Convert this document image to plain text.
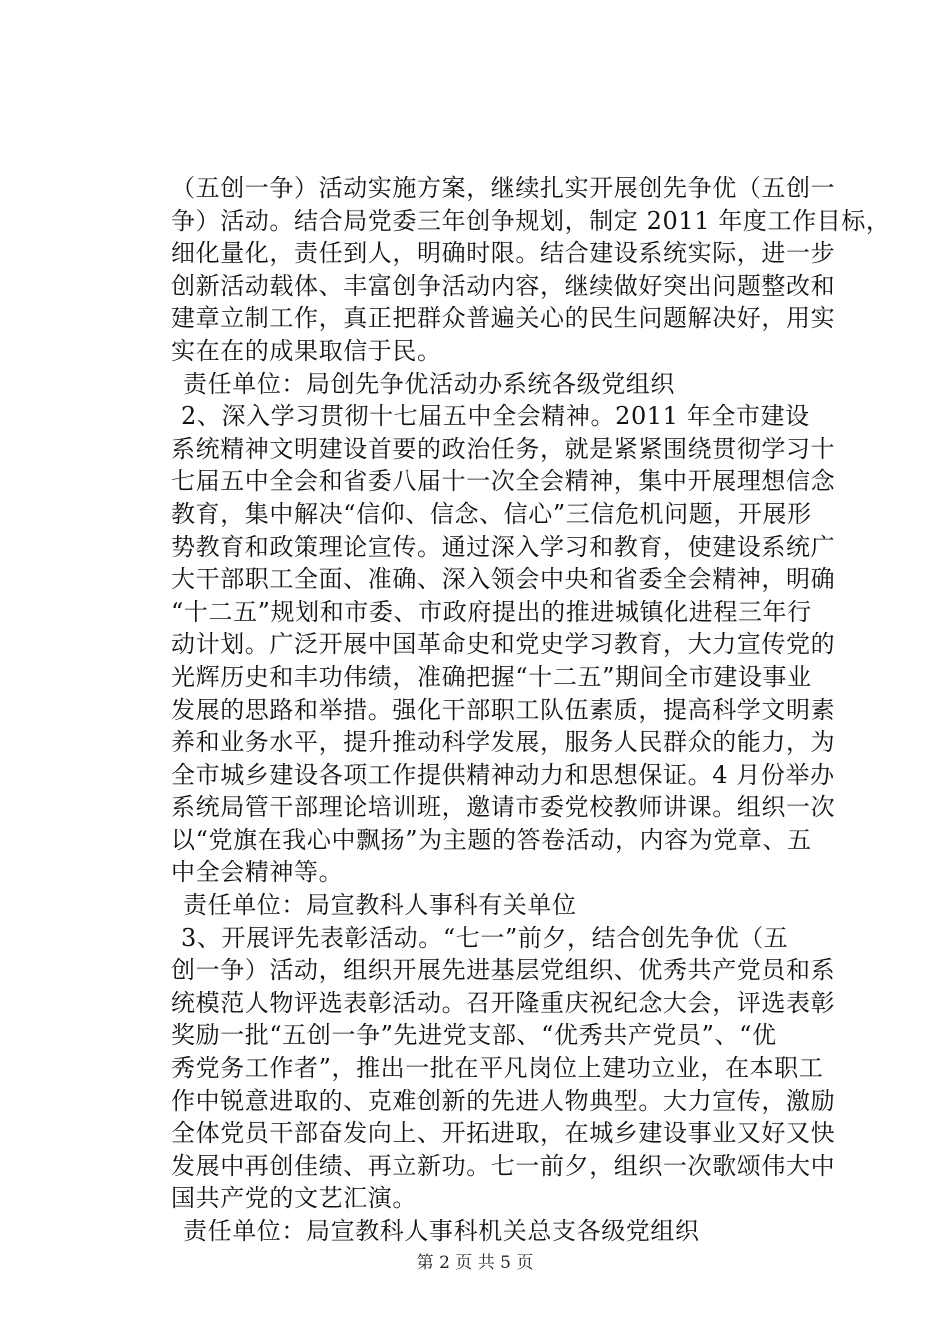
（五创一争）活动实施方案，继续扎实开展创先争优（五创一
争）活动。结合局党委三年创争规划，制定 2011 年度工作目标，
细化量化，责任到人，明确时限。结合建设系统实际，进一步
创新活动载体、丰富创争活动内容，继续做好突出问题整改和
建章立制工作，真正把群众普遍关心的民生问题解决好，用实
实在在的成果取信于民。
责任单位：局创先争优活动办系统各级党组织
2、深入学习贯彻十七届五中全会精神。2011 年全市建设
系统精神文明建设首要的政治任务，就是紧紧围绕贯彻学习十
七届五中全会和省委八届十一次全会精神，集中开展理想信念
教育，集中解决“信仰、信念、信心”三信危机问题，开展形
势教育和政策理论宣传。通过深入学习和教育，使建设系统广
大干部职工全面、准确、深入领会中央和省委全会精神，明确
“十二五”规划和市委、市政府提出的推进城镇化进程三年行
动计划。广泛开展中国革命史和党史学习教育，大力宣传党的
光辉历史和丰功伟绩，准确把握“十二五”期间全市建设事业
发展的思路和举措。强化干部职工队伍素质，提高科学文明素
养和业务水平，提升推动科学发展，服务人民群众的能力，为
全市城乡建设各项工作提供精神动力和思想保证。4 月份举办
系统局管干部理论培训班，邀请市委党校教师讲课。组织一次
以“党旗在我心中飘扬”为主题的答卷活动，内容为党章、五
中全会精神等。
责任单位：局宣教科人事科有关单位
3、开展评先表彰活动。“七一”前夕，结合创先争优（五
创一争）活动，组织开展先进基层党组织、优秀共产党员和系
统模范人物评选表彰活动。召开隆重庆祝纪念大会，评选表彰
奖励一批“五创一争”先进党支部、“优秀共产党员”、“优
秀党务工作者”，推出一批在平凡岗位上建功立业，在本职工
作中锐意进取的、克难创新的先进人物典型。大力宣传，激励
全体党员干部奋发向上、开拓进取，在城乡建设事业又好又快
发展中再创佳绩、再立新功。七一前夕，组织一次歌颂伟大中
国共产党的文艺汇演。
责任单位：局宣教科人事科机关总支各级党组织
第 2 页 共 5 页
